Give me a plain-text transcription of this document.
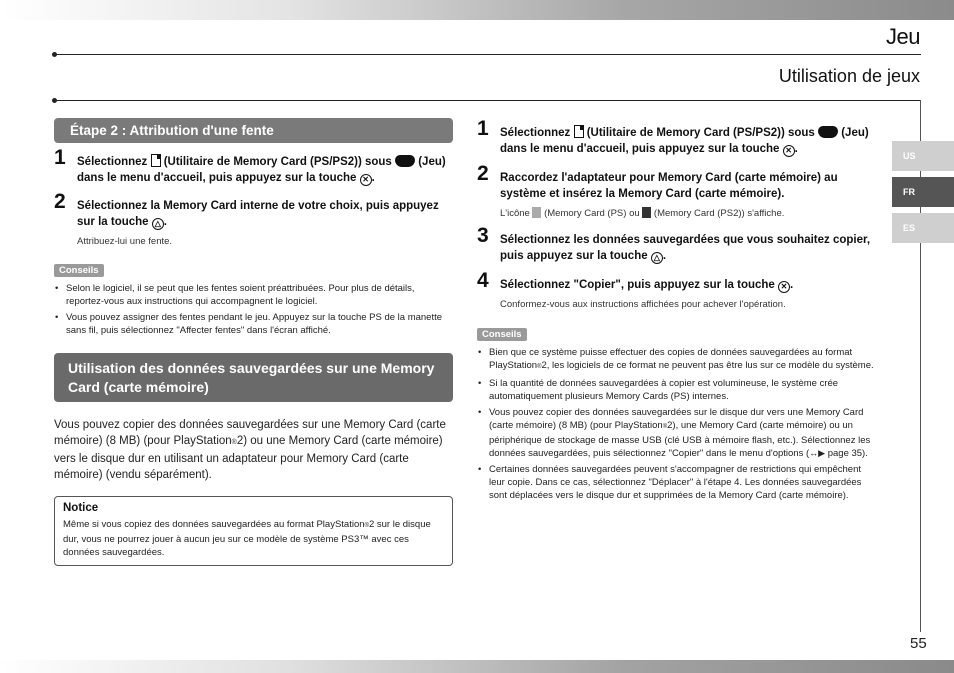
Jeu
Utilisation de jeux
US
FR
ES
Étape 2 : Attribution d'une fente
1 Sélectionnez  (Utilitaire de Memory Card (PS/PS2)) sous  (Jeu) dans le menu d'accueil, puis appuyez sur la touche ✕ .
2 Sélectionnez la Memory Card interne de votre choix, puis appuyez sur la touche △ .
Attribuez-lui une fente.
Conseils
• Selon le logiciel, il se peut que les fentes soient préattribuées. Pour plus de détails, reportez-vous aux instructions qui accompagnent le logiciel.
• Vous pouvez assigner des fentes pendant le jeu. Appuyez sur la touche PS de la manette sans fil, puis sélectionnez "Affecter fentes" dans l'écran affiché.
Utilisation des données sauvegardées sur une Memory Card (carte mémoire)
Vous pouvez copier des données sauvegardées sur une Memory Card (carte mémoire) (8 MB) (pour PlayStation®2) ou une Memory Card (carte mémoire) vers le disque dur en utilisant un adaptateur pour Memory Card (carte mémoire) (vendu séparément).
Notice
Même si vous copiez des données sauvegardées au format PlayStation®2 sur le disque dur, vous ne pourrez jouer à aucun jeu sur ce modèle de système PS3™ avec ces données sauvegardées.
1 Sélectionnez  (Utilitaire de Memory Card (PS/PS2)) sous  (Jeu) dans le menu d'accueil, puis appuyez sur la touche ✕ .
2 Raccordez l'adaptateur pour Memory Card (carte mémoire) au système et insérez la Memory Card (carte mémoire).
L'icône  (Memory Card (PS) ou  (Memory Card (PS2)) s'affiche.
3 Sélectionnez les données sauvegardées que vous souhaitez copier, puis appuyez sur la touche △ .
4 Sélectionnez "Copier", puis appuyez sur la touche ✕ .
Conformez-vous aux instructions affichées pour achever l'opération.
Conseils
• Bien que ce système puisse effectuer des copies de données sauvegardées au format PlayStation®2, les logiciels de ce format ne peuvent pas être lus sur ce modèle du système.
• Si la quantité de données sauvegardées à copier est volumineuse, le système crée automatiquement plusieurs Memory Cards (PS) internes.
• Vous pouvez copier des données sauvegardées sur le disque dur vers une Memory Card (carte mémoire) (8 MB) (pour PlayStation®2), une Memory Card (carte mémoire) ou un périphérique de stockage de masse USB (clé USB à mémoire flash, etc.). Sélectionnez les données sauvegardées, puis sélectionnez "Copier" dans le menu d'options (↔▶ page 35).
• Certaines données sauvegardées peuvent s'accompagner de restrictions qui empêchent leur copie. Dans ce cas, sélectionnez "Déplacer" à l'étape 4. Les données sauvegardées sont déplacées vers le disque dur et supprimées de la Memory Card (carte mémoire).
55
